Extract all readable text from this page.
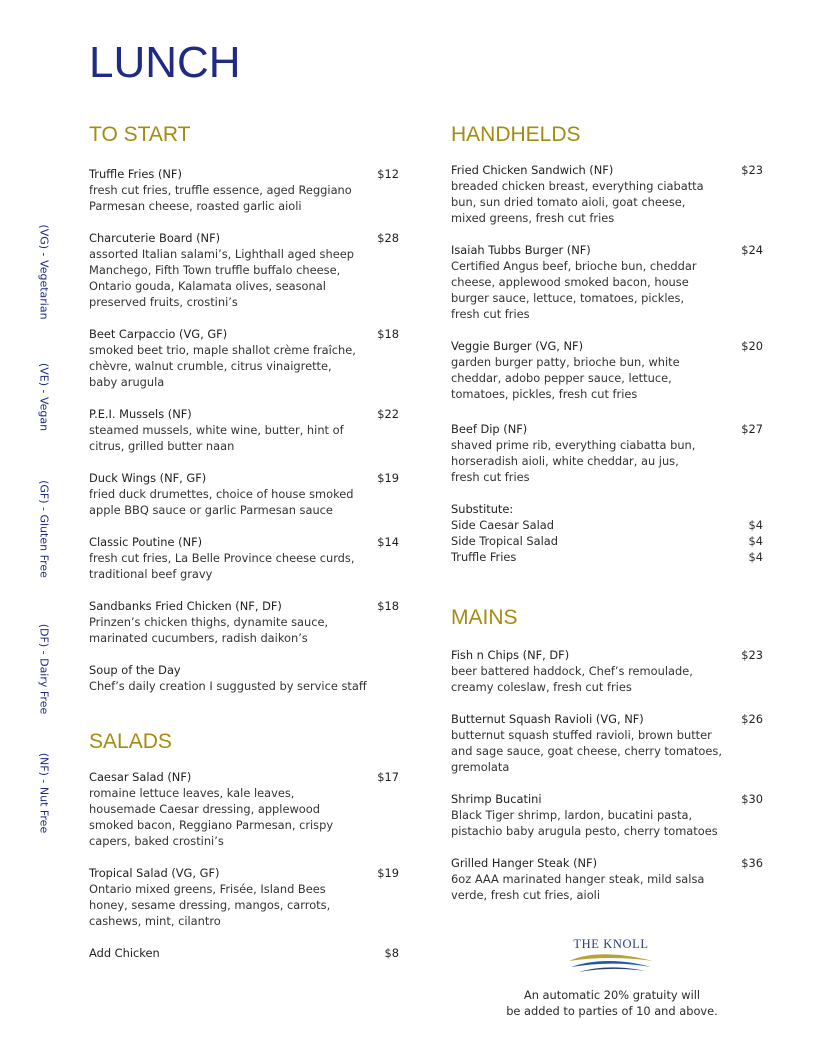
LUNCH
(VG) - Vegetarian
(VE) - Vegan
(GF) - Gluten Free
(DF) - Dairy Free
(NF) - Nut Free
TO START
Truffle Fries (NF)	$12
fresh cut fries, truffle essence, aged Reggiano
Parmesan cheese, roasted garlic aioli
Charcuterie Board (NF)	$28
assorted Italian salami’s, Lighthall aged sheep
Manchego, Fifth Town truffle buffalo cheese,
Ontario gouda, Kalamata olives, seasonal
preserved fruits, crostini’s
Beet Carpaccio (VG, GF)	$18
smoked beet trio, maple shallot crème fraîche,
chèvre, walnut crumble, citrus vinaigrette,
baby arugula
P.E.I. Mussels (NF)	$22
steamed mussels, white wine, butter, hint of
citrus, grilled butter naan
Duck Wings (NF, GF)	$19
fried duck drumettes, choice of house smoked
apple BBQ sauce or garlic Parmesan sauce
Classic Poutine (NF)	$14
fresh cut fries, La Belle Province cheese curds,
traditional beef gravy
Sandbanks Fried Chicken (NF, DF)	$18
Prinzen’s chicken thighs, dynamite sauce,
marinated cucumbers, radish daikon’s
Soup of the Day
Chef’s daily creation I suggusted by service staff
SALADS
Caesar Salad (NF)	$17
romaine lettuce leaves, kale leaves,
housemade Caesar dressing, applewood
smoked bacon, Reggiano Parmesan, crispy
capers, baked crostini’s
Tropical Salad (VG, GF)	$19
Ontario mixed greens, Frisée, Island Bees
honey, sesame dressing, mangos, carrots,
cashews, mint, cilantro
Add Chicken	$8
HANDHELDS
Fried Chicken Sandwich (NF)	$23
breaded chicken breast, everything ciabatta
bun, sun dried tomato aioli, goat cheese,
mixed greens, fresh cut fries
Isaiah Tubbs Burger (NF)	$24
Certified Angus beef, brioche bun, cheddar
cheese, applewood smoked bacon, house
burger sauce, lettuce, tomatoes, pickles,
fresh cut fries
Veggie Burger (VG, NF)	$20
garden burger patty, brioche bun, white
cheddar, adobo pepper sauce, lettuce,
tomatoes, pickles, fresh cut fries
Beef Dip (NF)	$27
shaved prime rib, everything ciabatta bun,
horseradish aioli, white cheddar, au jus,
fresh cut fries
Substitute:
Side Caesar Salad	$4
Side Tropical Salad	$4
Truffle Fries	$4
MAINS
Fish n Chips (NF, DF)	$23
beer battered haddock, Chef’s remoulade,
creamy coleslaw, fresh cut fries
Butternut Squash Ravioli (VG, NF)	$26
butternut squash stuffed ravioli, brown butter
and sage sauce, goat cheese, cherry tomatoes,
gremolata
Shrimp Bucatini	$30
Black Tiger shrimp, lardon, bucatini pasta,
pistachio baby arugula pesto, cherry tomatoes
Grilled Hanger Steak (NF)	$36
6oz AAA marinated hanger steak, mild salsa
verde, fresh cut fries, aioli
THE KNOLL
An automatic 20% gratuity will
be added to parties of 10 and above.
